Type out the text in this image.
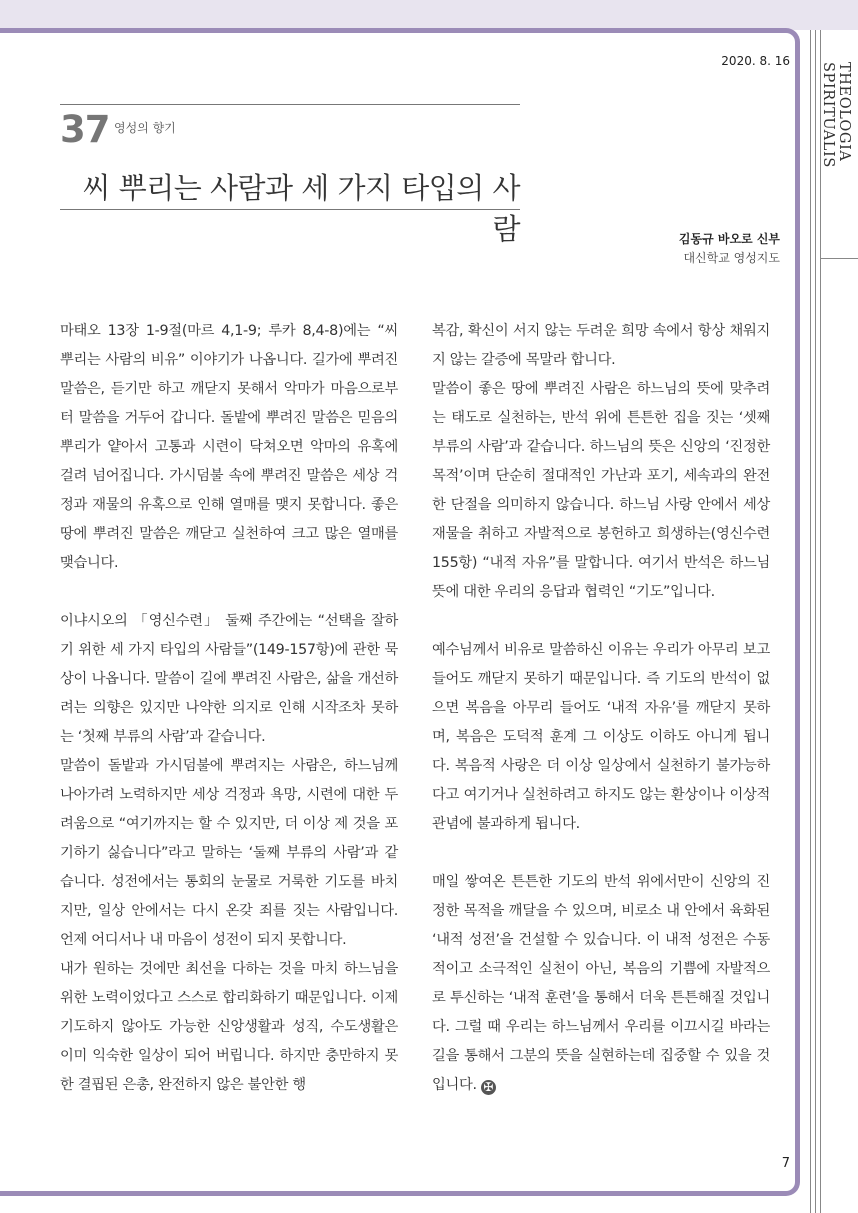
THEOLOGIA SPIRITUALIS
2020. 8. 16
37 영성의 향기
씨 뿌리는 사람과 세 가지 타입의 사람	김동규 바오로 신부
대신학교 영성지도

마태오 13장 1-9절(마르 4,1-9; 루카 8,4-8)에는 “씨 뿌리는 사람의 비유” 이야기가 나옵니다. 길가에 뿌려진 말씀은, 듣기만 하고 깨닫지 못해서 악마가 마음으로부터 말씀을 거두어 갑니다. 돌밭에 뿌려진 말씀은 믿음의 뿌리가 얕아서 고통과 시련이 닥쳐오면 악마의 유혹에 걸려 넘어집니다. 가시덤불 속에 뿌려진 말씀은 세상 걱정과 재물의 유혹으로 인해 열매를 맺지 못합니다. 좋은 땅에 뿌려진 말씀은 깨닫고 실천하여 크고 많은 열매를 맺습니다.

이냐시오의 「영신수련」 둘째 주간에는 “선택을 잘하기 위한 세 가지 타입의 사람들”(149-157항)에 관한 묵상이 나옵니다. 말씀이 길에 뿌려진 사람은, 삶을 개선하려는 의향은 있지만 나약한 의지로 인해 시작조차 못하는 ‘첫째 부류의 사람’과 같습니다.

말씀이 돌밭과 가시덤불에 뿌려지는 사람은, 하느님께 나아가려 노력하지만 세상 걱정과 욕망, 시련에 대한 두려움으로 “여기까지는 할 수 있지만, 더 이상 제 것을 포기하기 싫습니다”라고 말하는 ‘둘째 부류의 사람’과 같습니다. 성전에서는 통회의 눈물로 거룩한 기도를 바치지만, 일상 안에서는 다시 온갖 죄를 짓는 사람입니다. 언제 어디서나 내 마음이 성전이 되지 못합니다.

내가 원하는 것에만 최선을 다하는 것을 마치 하느님을 위한 노력이었다고 스스로 합리화하기 때문입니다. 이제 기도하지 않아도 가능한 신앙생활과 성직, 수도생활은 이미 익숙한 일상이 되어 버립니다. 하지만 충만하지 못한 결핍된 은총, 완전하지 않은 불안한 행

복감, 확신이 서지 않는 두려운 희망 속에서 항상 채워지지 않는 갈증에 목말라 합니다.

말씀이 좋은 땅에 뿌려진 사람은 하느님의 뜻에 맞추려는 태도로 실천하는, 반석 위에 튼튼한 집을 짓는 ‘셋째 부류의 사람’과 같습니다. 하느님의 뜻은 신앙의 ‘진정한 목적’이며 단순히 절대적인 가난과 포기, 세속과의 완전한 단절을 의미하지 않습니다. 하느님 사랑 안에서 세상 재물을 취하고 자발적으로 봉헌하고 희생하는(영신수련 155항) “내적 자유”를 말합니다. 여기서 반석은 하느님 뜻에 대한 우리의 응답과 협력인 “기도”입니다.

예수님께서 비유로 말씀하신 이유는 우리가 아무리 보고 들어도 깨닫지 못하기 때문입니다. 즉 기도의 반석이 없으면 복음을 아무리 들어도 ‘내적 자유’를 깨닫지 못하며, 복음은 도덕적 훈계 그 이상도 이하도 아니게 됩니다. 복음적 사랑은 더 이상 일상에서 실천하기 불가능하다고 여기거나 실천하려고 하지도 않는 환상이나 이상적 관념에 불과하게 됩니다.

매일 쌓여온 튼튼한 기도의 반석 위에서만이 신앙의 진정한 목적을 깨달을 수 있으며, 비로소 내 안에서 육화된 ‘내적 성전’을 건설할 수 있습니다. 이 내적 성전은 수동적이고 소극적인 실천이 아닌, 복음의 기쁨에 자발적으로 투신하는 ‘내적 훈련’을 통해서 더욱 튼튼해질 것입니다. 그럴 때 우리는 하느님께서 우리를 이끄시길 바라는 길을 통해서 그분의 뜻을 실현하는데 집중할 수 있을 것입니다. ✠

7
